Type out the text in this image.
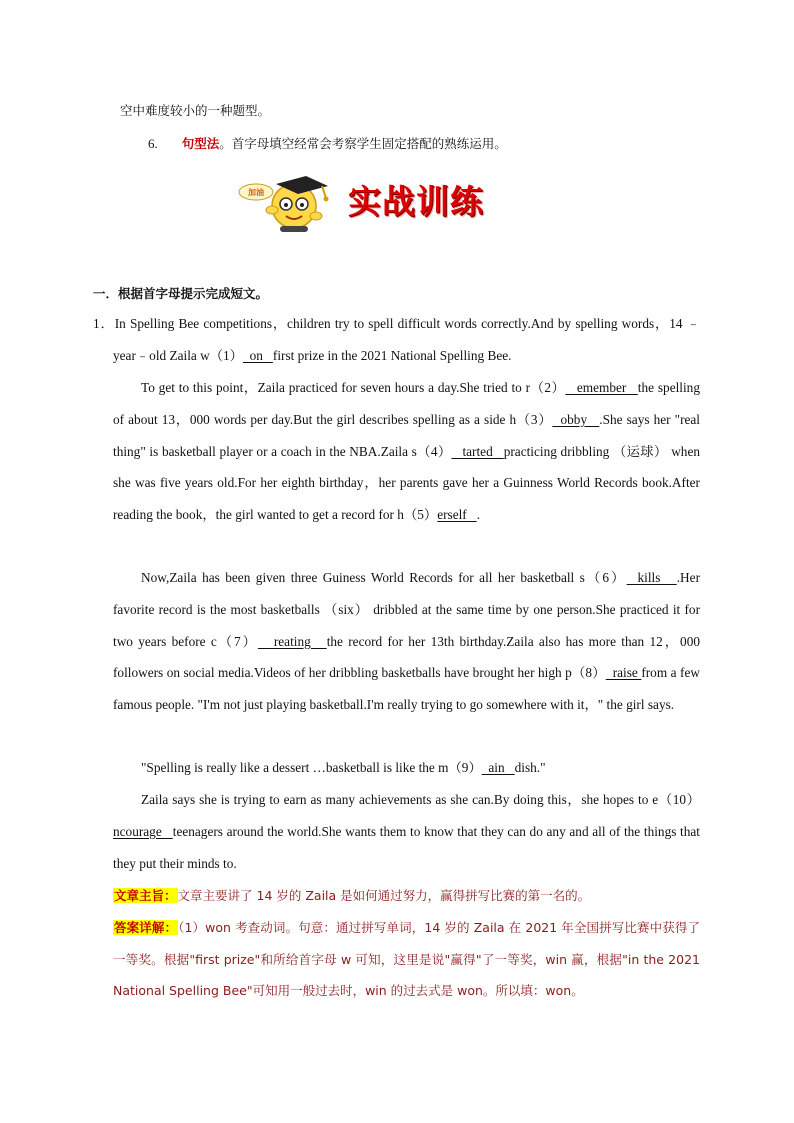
空中难度较小的一种题型。
6. 句型法。首字母填空经常会考察学生固定搭配的熟练运用。
加油	实战训练
一．根据首字母提示完成短文。
1．In Spelling Bee competitions，children try to spell difficult words correctly.And by spelling words，14 ﹣year﹣old Zaila w（1）  on   first prize in the 2021 National Spelling Bee.
To get to this point，Zaila practiced for seven hours a day.She tried to r（2）   emember   the spelling of about 13，000 words per day.But the girl describes spelling as a side h（3）  obby   .She says her "real thing" is basketball player or a coach in the NBA.Zaila s（4）   tarted   practicing dribbling （运球） when she was five years old.For her eighth birthday，her parents gave her a Guinness World Records book.After reading the book，the girl wanted to get a record for h（5）erself   .
Now,Zaila has been given three Guiness World Records for all her basketball s（6）  kills   .Her favorite record is the most basketballs （six） dribbled at the same time by one person.She practiced it for two years before c（7）   reating   the record for her 13th birthday.Zaila also has more than 12，000 followers on social media.Videos of her dribbling basketballs have brought her high p（8）  raise from a few famous people. "I'm not just playing basketball.I'm really trying to go somewhere with it，" the girl says.
"Spelling is really like a dessert …basketball is like the m（9）  ain   dish."
Zaila says she is trying to earn as many achievements as she can.By doing this，she hopes to e（10）ncourage   teenagers around the world.She wants them to know that they can do any and all of the things that they put their minds to.
文章主旨：文章主要讲了 14 岁的 Zaila 是如何通过努力，赢得拼写比赛的第一名的。
答案详解：（1）won 考查动词。句意：通过拼写单词，14 岁的 Zaila 在 2021 年全国拼写比赛中获得了一等奖。根据"first prize"和所给首字母 w 可知，这里是说"赢得"了一等奖，win 赢，根据"in the 2021 National Spelling Bee"可知用一般过去时，win 的过去式是 won。所以填：won。
